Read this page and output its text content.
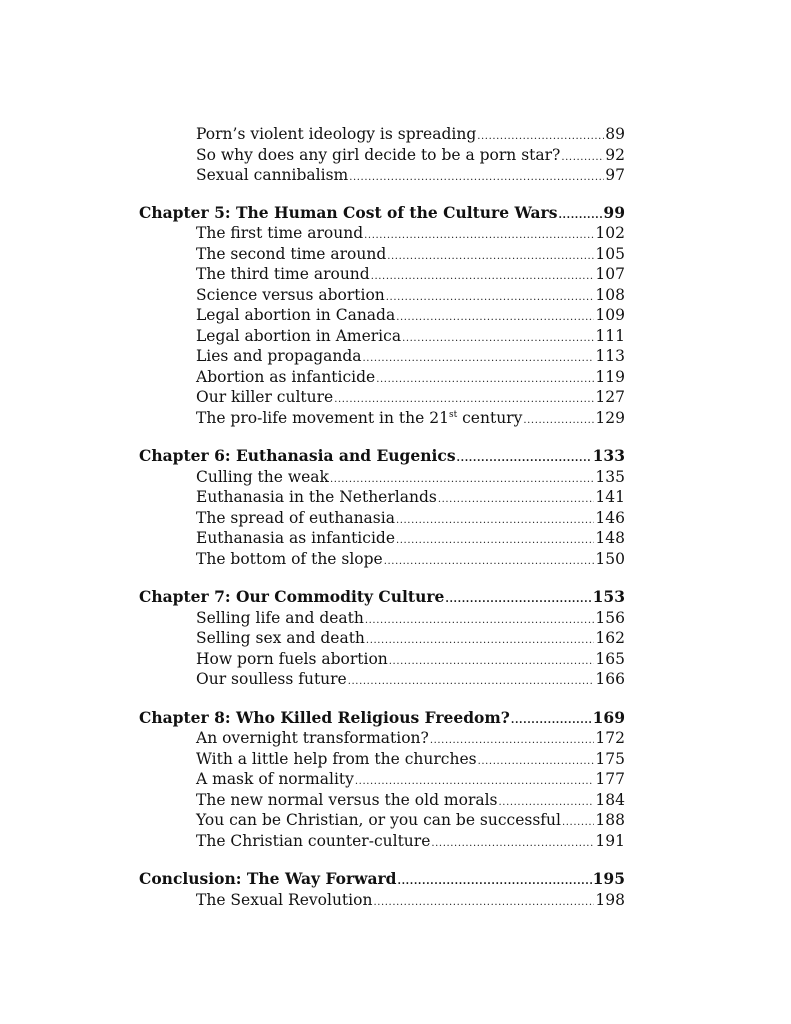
Porn’s violent ideology is spreading .....	89
So why does any girl decide to be a porn star? .....	92
Sexual cannibalism .....	97
Chapter 5: The Human Cost of the Culture Wars .....	99
The first time around .....	102
The second time around .....	105
The third time around .....	107
Science versus abortion .....	108
Legal abortion in Canada .....	109
Legal abortion in America .....	111
Lies and propaganda .....	113
Abortion as infanticide .....	119
Our killer culture .....	127
The pro-life movement in the 21st century .....	129
Chapter 6: Euthanasia and Eugenics .....	133
Culling the weak .....	135
Euthanasia in the Netherlands .....	141
The spread of euthanasia .....	146
Euthanasia as infanticide .....	148
The bottom of the slope .....	150
Chapter 7: Our Commodity Culture .....	153
Selling life and death .....	156
Selling sex and death .....	162
How porn fuels abortion .....	165
Our soulless future .....	166
Chapter 8: Who Killed Religious Freedom? .....	169
An overnight transformation? .....	172
With a little help from the churches .....	175
A mask of normality .....	177
The new normal versus the old morals .....	184
You can be Christian, or you can be successful ..... 188
The Christian counter-culture .....	191
Conclusion: The Way Forward .....	195
The Sexual Revolution .....	198
